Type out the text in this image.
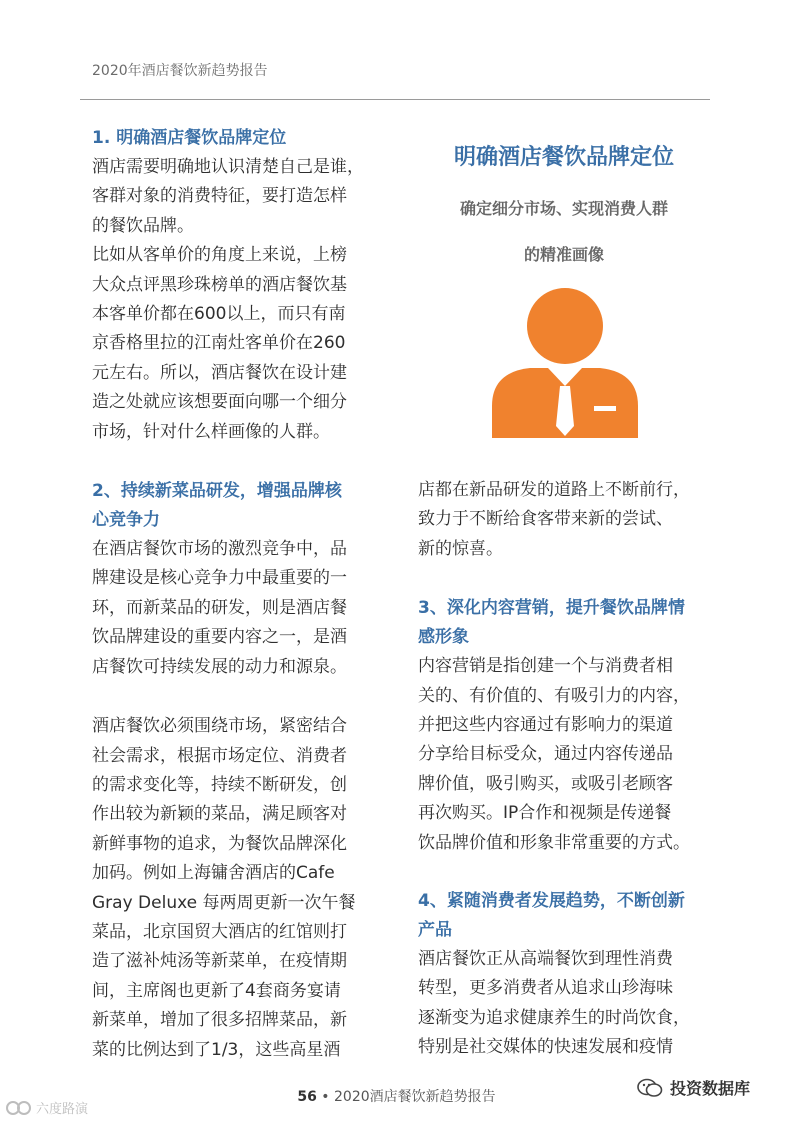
2020年酒店餐饮新趋势报告

1. 明确酒店餐饮品牌定位

酒店需要明确地认识清楚自己是谁，
客群对象的消费特征，要打造怎样
的餐饮品牌。
比如从客单价的角度上来说，上榜
大众点评黑珍珠榜单的酒店餐饮基
本客单价都在600以上，而只有南
京香格里拉的江南灶客单价在260
元左右。所以，酒店餐饮在设计建
造之处就应该想要面向哪一个细分
市场，针对什么样画像的人群。
2、持续新菜品研发，增强品牌核
心竞争力
在酒店餐饮市场的激烈竞争中，品
牌建设是核心竞争力中最重要的一
环，而新菜品的研发，则是酒店餐
饮品牌建设的重要内容之一，是酒
店餐饮可持续发展的动力和源泉。
酒店餐饮必须围绕市场，紧密结合
社会需求，根据市场定位、消费者
的需求变化等，持续不断研发，创
作出较为新颖的菜品，满足顾客对
新鲜事物的追求，为餐饮品牌深化
加码。例如上海镛舍酒店的Cafe
Gray Deluxe 每两周更新一次午餐
菜品，北京国贸大酒店的红馆则打
造了滋补炖汤等新菜单，在疫情期
间，主席阁也更新了4套商务宴请
新菜单，增加了很多招牌菜品，新
菜的比例达到了1/3，这些高星酒
明确酒店餐饮品牌定位
确定细分市场、实现消费人群
的精准画像
店都在新品研发的道路上不断前行，
致力于不断给食客带来新的尝试、
新的惊喜。
3、深化内容营销，提升餐饮品牌情
感形象
内容营销是指创建一个与消费者相
关的、有价值的、有吸引力的内容，
并把这些内容通过有影响力的渠道
分享给目标受众，通过内容传递品
牌价值，吸引购买，或吸引老顾客
再次购买。IP合作和视频是传递餐
饮品牌价值和形象非常重要的方式。
4、紧随消费者发展趋势，不断创新
产品
酒店餐饮正从高端餐饮到理性消费
转型，更多消费者从追求山珍海味
逐渐变为追求健康养生的时尚饮食，
特别是社交媒体的快速发展和疫情
56 • 2020酒店餐饮新趋势报告
六度路演
投资数据库
